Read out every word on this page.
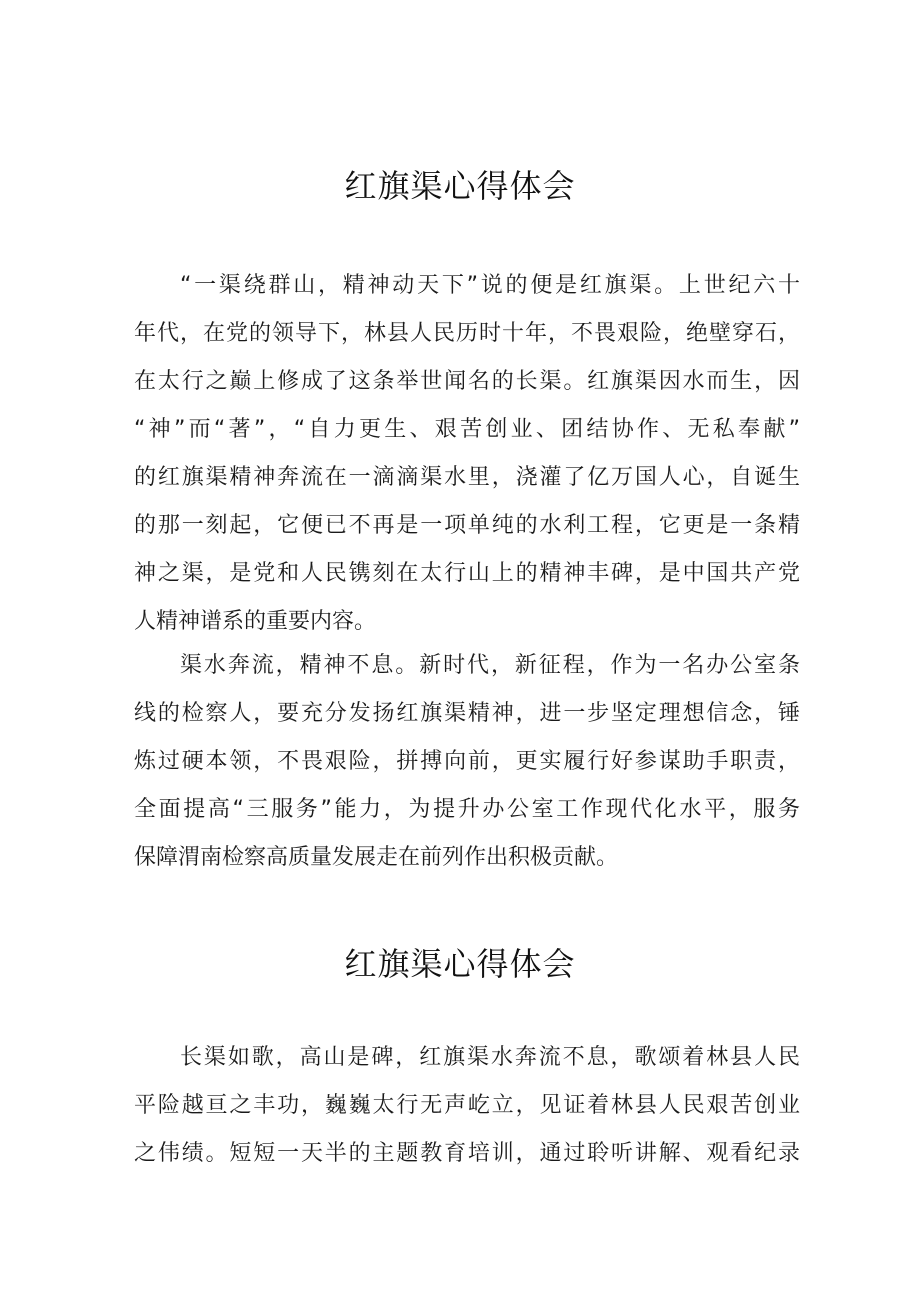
红旗渠心得体会
“一渠绕群山，精神动天下”说的便是红旗渠。上世纪六十
年代，在党的领导下，林县人民历时十年，不畏艰险，绝壁穿石，
在太行之巅上修成了这条举世闻名的长渠。红旗渠因水而生，因
“神”而“著”，“自力更生、艰苦创业、团结协作、无私奉献”
的红旗渠精神奔流在一滴滴渠水里，浇灌了亿万国人心，自诞生
的那一刻起，它便已不再是一项单纯的水利工程，它更是一条精
神之渠，是党和人民镌刻在太行山上的精神丰碑，是中国共产党
人精神谱系的重要内容。
渠水奔流，精神不息。新时代，新征程，作为一名办公室条
线的检察人，要充分发扬红旗渠精神，进一步坚定理想信念，锤
炼过硬本领，不畏艰险，拼搏向前，更实履行好参谋助手职责，
全面提高“三服务”能力，为提升办公室工作现代化水平，服务
保障渭南检察高质量发展走在前列作出积极贡献。
红旗渠心得体会
长渠如歌，高山是碑，红旗渠水奔流不息，歌颂着林县人民
平险越亘之丰功，巍巍太行无声屹立，见证着林县人民艰苦创业
之伟绩。短短一天半的主题教育培训，通过聆听讲解、观看纪录
